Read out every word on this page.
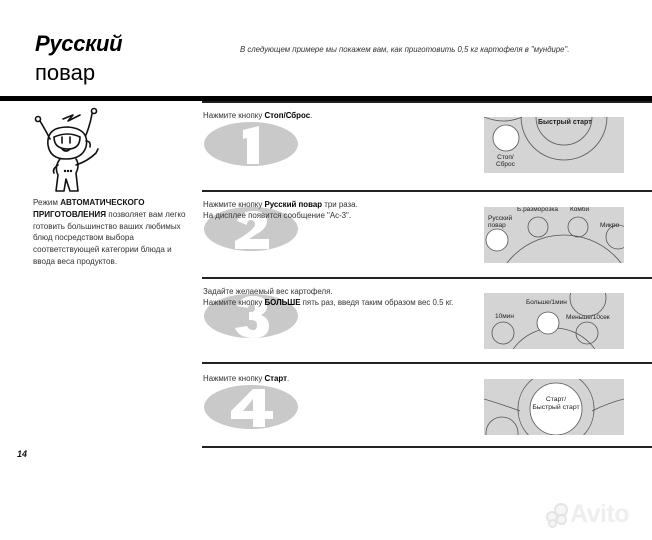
Русский
повар
В следующем примере мы покажем вам, как приготовить 0,5 кг картофеля в "мундире".
Режим АВТОМАТИЧЕСКОГО ПРИГОТОВЛЕНИЯ позволяет вам легко готовить большинство ваших любимых блюд посредством выбора соответствующей категории блюда и ввода веса продуктов.
Нажмите кнопку Стоп/Сброс.
Быстрый старт
Стоп/
Сброс
Нажмите кнопку Русский повар три раза.
На дисплее появится сообщение "Ac-3".
Б.разморозка Комби
Микро
Русский
повар
Задайте желаемый вес картофеля.
Нажмите кнопку БОЛЬШЕ пять раз, введя таким образом вес 0.5 кг.	Больше/1мин
10мин	Меньше/10сек
Нажмите кнопку Старт.
Старт/
Быстрый старт
14
Avito
